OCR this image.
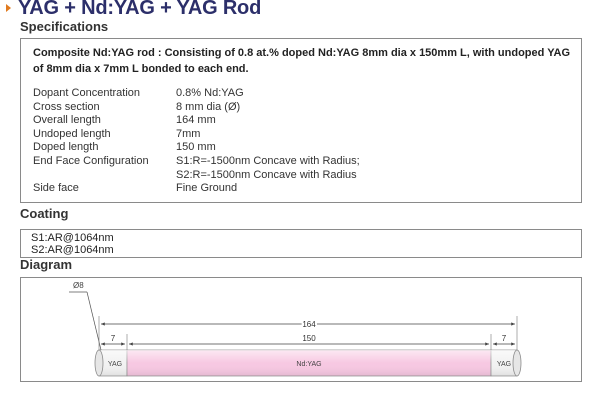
YAG + Nd:YAG + YAG Rod
Specifications
Composite Nd:YAG rod : Consisting of 0.8 at.% doped Nd:YAG 8mm dia x 150mm L, with undoped YAG of 8mm dia x 7mm L bonded to each end.
Dopant Concentration	0.8% Nd:YAG
Cross section	8 mm dia (Ø)
Overall length	164 mm
Undoped length	7mm
Doped length	150 mm
End Face Configuration	S1:R=-1500nm Concave with Radius;
S2:R=-1500nm Concave with Radius
Side face	Fine Ground
Coating
S1:AR@1064nm
S2:AR@1064nm
Diagram
YAG	Nd:YAG	YAG
Ø8
164
150
7	7
